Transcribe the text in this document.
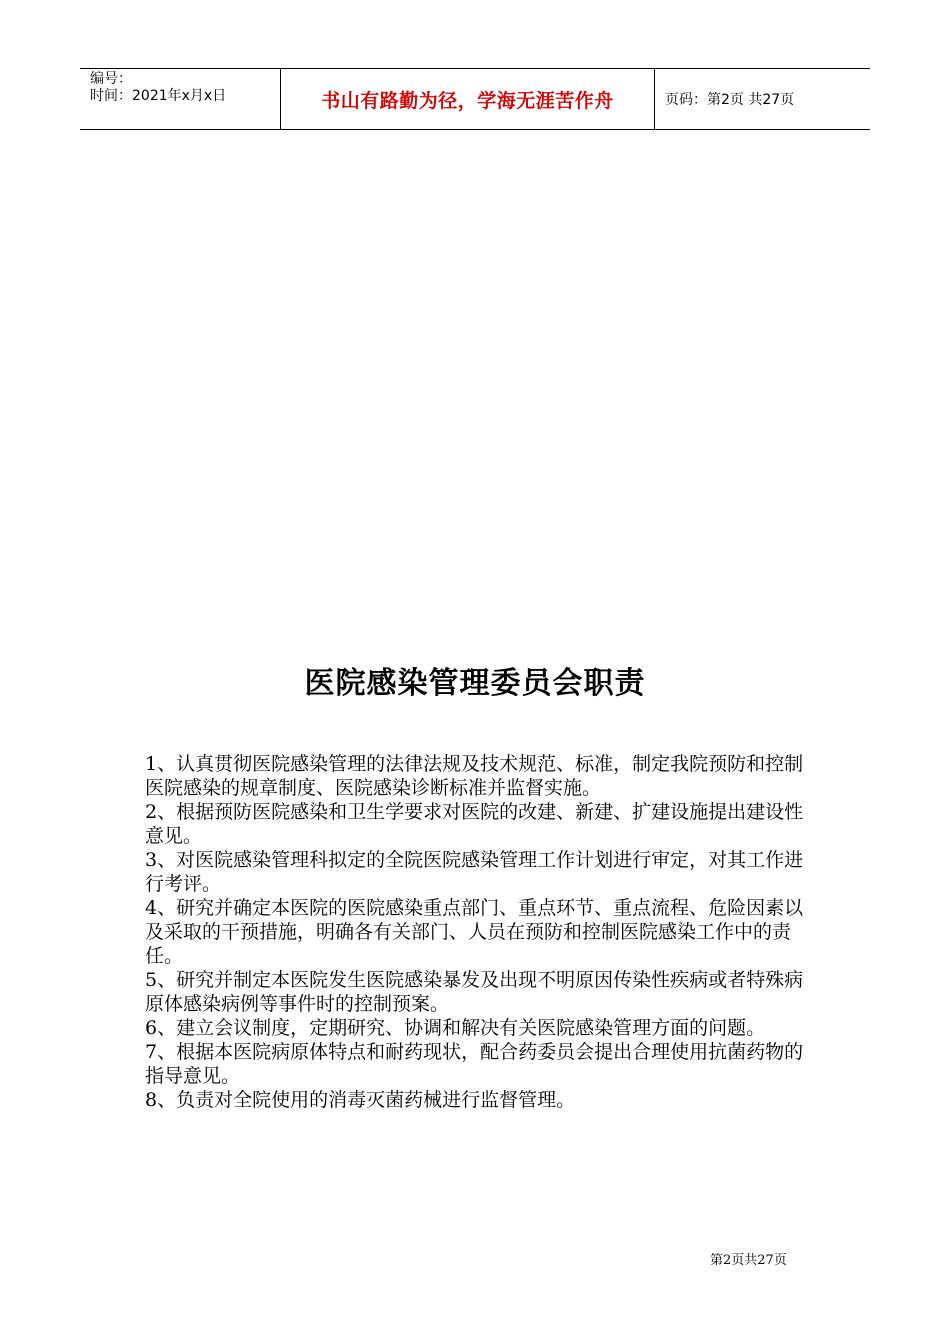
编号：
时间：2021年x月x日	书山有路勤为径，学海无涯苦作舟	页码：第2页 共27页
医院感染管理委员会职责

1、认真贯彻医院感染管理的法律法规及技术规范、标准，制定我院预防和控制医院感染的规章制度、医院感染诊断标准并监督实施。

2、根据预防医院感染和卫生学要求对医院的改建、新建、扩建设施提出建设性意见。

3、对医院感染管理科拟定的全院医院感染管理工作计划进行审定，对其工作进行考评。

4、研究并确定本医院的医院感染重点部门、重点环节、重点流程、危险因素以及采取的干预措施，明确各有关部门、人员在预防和控制医院感染工作中的责任。

5、研究并制定本医院发生医院感染暴发及出现不明原因传染性疾病或者特殊病原体感染病例等事件时的控制预案。

6、建立会议制度，定期研究、协调和解决有关医院感染管理方面的问题。

7、根据本医院病原体特点和耐药现状，配合药委员会提出合理使用抗菌药物的指导意见。

8、负责对全院使用的消毒灭菌药械进行监督管理。

第2页共27页
